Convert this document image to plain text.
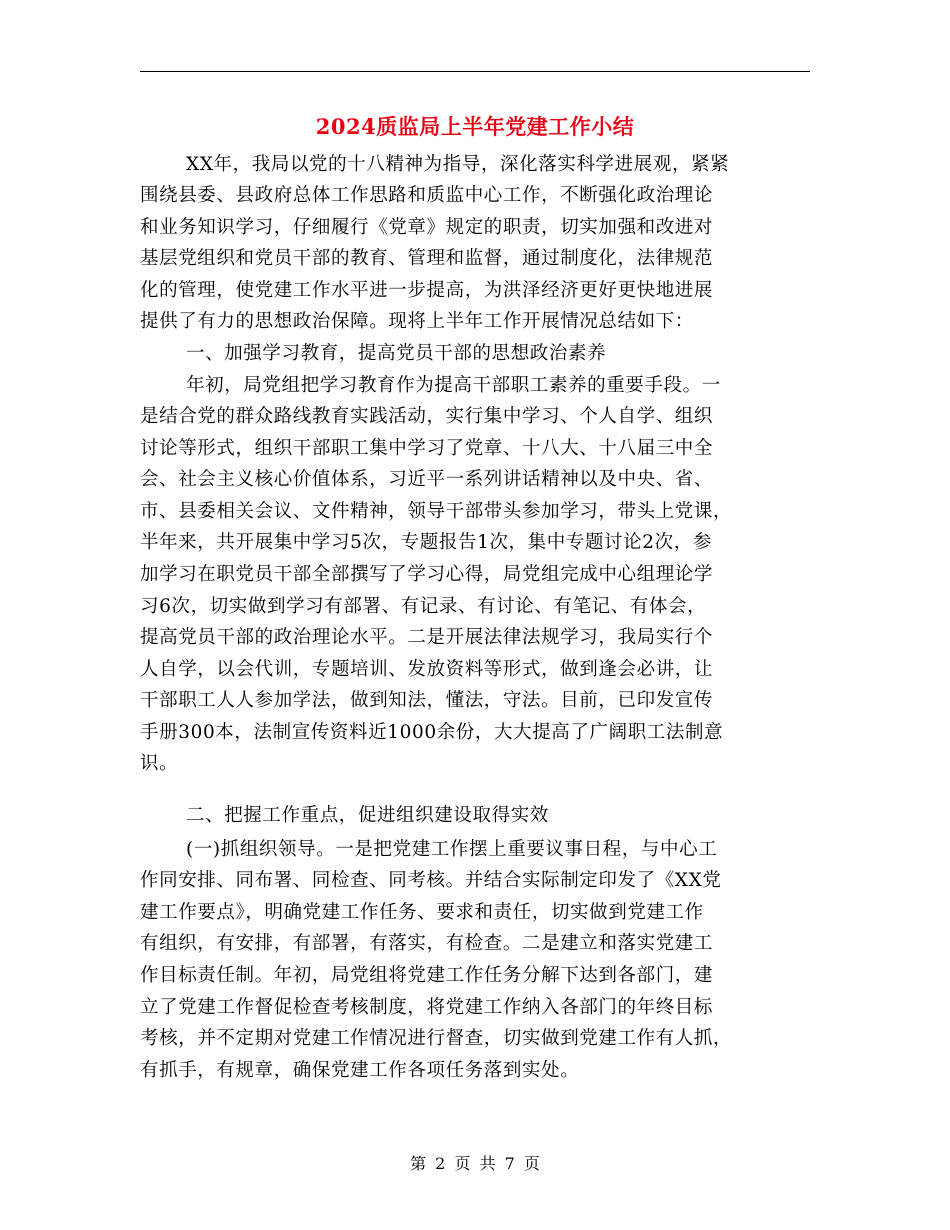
2024质监局上半年党建工作小结
XX年，我局以党的十八精神为指导，深化落实科学进展观，紧紧
围绕县委、县政府总体工作思路和质监中心工作，不断强化政治理论
和业务知识学习，仔细履行《党章》规定的职责，切实加强和改进对
基层党组织和党员干部的教育、管理和监督，通过制度化，法律规范
化的管理，使党建工作水平进一步提高，为洪泽经济更好更快地进展
提供了有力的思想政治保障。现将上半年工作开展情况总结如下：
一、加强学习教育，提高党员干部的思想政治素养
年初，局党组把学习教育作为提高干部职工素养的重要手段。一
是结合党的群众路线教育实践活动，实行集中学习、个人自学、组织
讨论等形式，组织干部职工集中学习了党章、十八大、十八届三中全
会、社会主义核心价值体系，习近平一系列讲话精神以及中央、省、
市、县委相关会议、文件精神，领导干部带头参加学习，带头上党课，
半年来，共开展集中学习5次，专题报告1次，集中专题讨论2次，参
加学习在职党员干部全部撰写了学习心得，局党组完成中心组理论学
习6次，切实做到学习有部署、有记录、有讨论、有笔记、有体会，
提高党员干部的政治理论水平。二是开展法律法规学习，我局实行个
人自学，以会代训，专题培训、发放资料等形式，做到逢会必讲，让
干部职工人人参加学法，做到知法，懂法，守法。目前，已印发宣传
手册300本，法制宣传资料近1000余份，大大提高了广阔职工法制意
识。
二、把握工作重点，促进组织建设取得实效
(一)抓组织领导。一是把党建工作摆上重要议事日程，与中心工
作同安排、同布署、同检查、同考核。并结合实际制定印发了《XX党
建工作要点》，明确党建工作任务、要求和责任，切实做到党建工作
有组织，有安排，有部署，有落实，有检查。二是建立和落实党建工
作目标责任制。年初，局党组将党建工作任务分解下达到各部门，建
立了党建工作督促检查考核制度，将党建工作纳入各部门的年终目标
考核，并不定期对党建工作情况进行督查，切实做到党建工作有人抓，
有抓手，有规章，确保党建工作各项任务落到实处。
第 2 页 共 7 页
